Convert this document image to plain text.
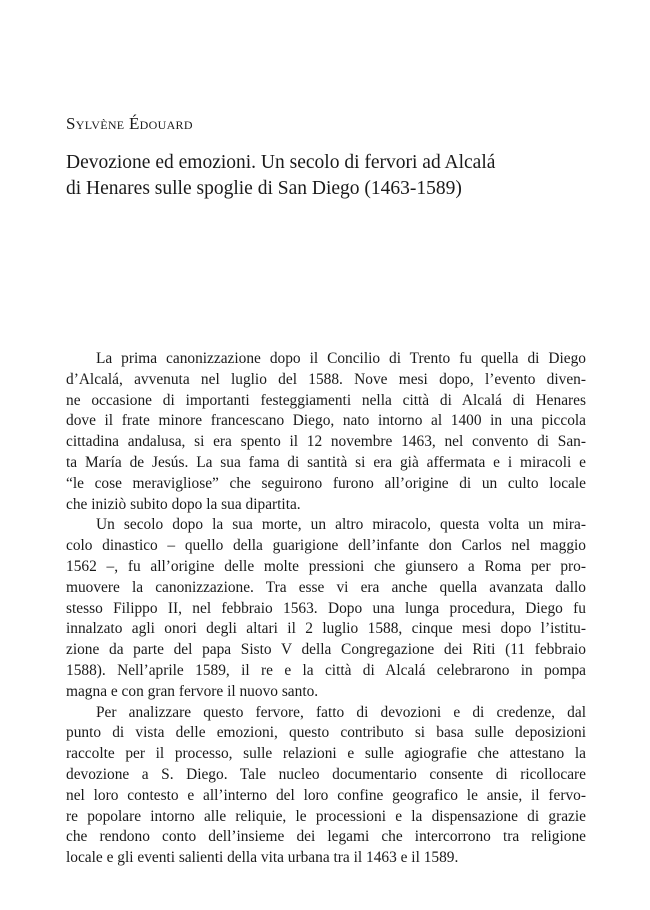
Sylvène Édouard

Devozione ed emozioni. Un secolo di fervori ad Alcalá
di Henares sulle spoglie di San Diego (1463-1589)
La prima canonizzazione dopo il Concilio di Trento fu quella di Diego
d’Alcalá, avvenuta nel luglio del 1588. Nove mesi dopo, l’evento diven-
ne occasione di importanti festeggiamenti nella città di Alcalá di Henares
dove il frate minore francescano Diego, nato intorno al 1400 in una piccola
cittadina andalusa, si era spento il 12 novembre 1463, nel convento di San-
ta María de Jesús. La sua fama di santità si era già affermata e i miracoli e
“le cose meravigliose” che seguirono furono all’origine di un culto locale
che iniziò subito dopo la sua dipartita.
Un secolo dopo la sua morte, un altro miracolo, questa volta un mira-
colo dinastico – quello della guarigione dell’infante don Carlos nel maggio
1562 –, fu all’origine delle molte pressioni che giunsero a Roma per pro-
muovere la canonizzazione. Tra esse vi era anche quella avanzata dallo
stesso Filippo II, nel febbraio 1563. Dopo una lunga procedura, Diego fu
innalzato agli onori degli altari il 2 luglio 1588, cinque mesi dopo l’istitu-
zione da parte del papa Sisto V della Congregazione dei Riti (11 febbraio
1588). Nell’aprile 1589, il re e la città di Alcalá celebrarono in pompa
magna e con gran fervore il nuovo santo.
Per analizzare questo fervore, fatto di devozioni e di credenze, dal
punto di vista delle emozioni, questo contributo si basa sulle deposizioni
raccolte per il processo, sulle relazioni e sulle agiografie che attestano la
devozione a S. Diego. Tale nucleo documentario consente di ricollocare
nel loro contesto e all’interno del loro confine geografico le ansie, il fervo-
re popolare intorno alle reliquie, le processioni e la dispensazione di grazie
che rendono conto dell’insieme dei legami che intercorrono tra religione
locale e gli eventi salienti della vita urbana tra il 1463 e il 1589.
